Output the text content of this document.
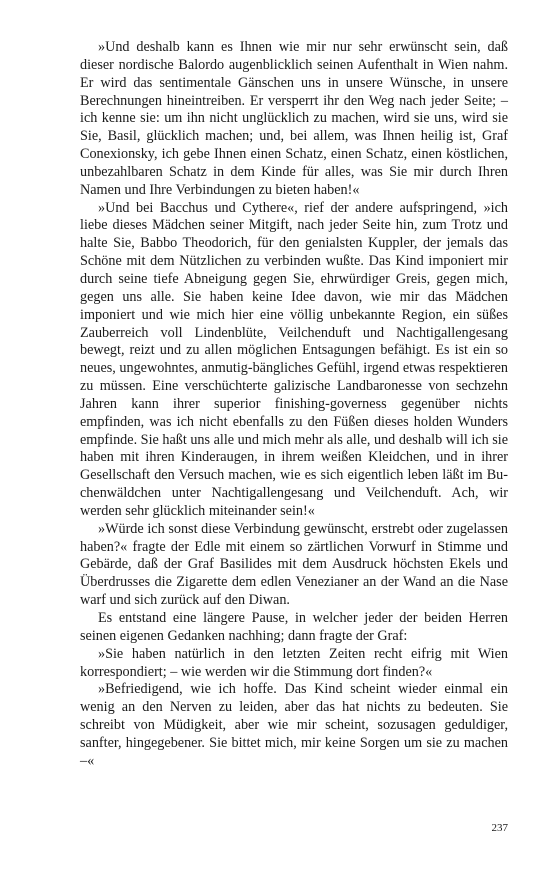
»Und deshalb kann es Ihnen wie mir nur sehr erwünscht sein, daß dieser nordische Balordo augenblicklich seinen Aufenthalt in Wien nahm. Er wird das sentimentale Gänschen uns in unsere Wünsche, in unsere Berechnungen hineintreiben. Er versperrt ihr den Weg nach jeder Seite; – ich kenne sie: um ihn nicht unglücklich zu machen, wird sie uns, wird sie Sie, Basil, glücklich machen; und, bei allem, was Ihnen heilig ist, Graf Conexionsky, ich gebe Ihnen einen Schatz, einen Schatz, einen köstlichen, unbezahlbaren Schatz in dem Kinde für alles, was Sie mir durch Ihren Namen und Ihre Verbindungen zu bieten haben!«

»Und bei Bacchus und Cythere«, rief der andere aufspringend, »ich liebe dieses Mädchen seiner Mitgift, nach jeder Seite hin, zum Trotz und halte Sie, Babbo Theodorich, für den genialsten Kuppler, der jemals das Schöne mit dem Nützlichen zu verbinden wußte. Das Kind imponiert mir durch seine tiefe Abneigung gegen Sie, ehrwürdiger Greis, gegen mich, gegen uns alle. Sie haben keine Idee davon, wie mir das Mädchen imponiert und wie mich hier eine völlig unbekannte Region, ein süßes Zauberreich voll Lindenblüte, Veilchenduft und Nachtigallengesang bewegt, reizt und zu allen möglichen Entsagungen befähigt. Es ist ein so neues, ungewohntes, anmutig-bängliches Gefühl, irgend etwas respektieren zu müssen. Eine verschüchterte galizische Landbaronesse von sechzehn Jahren kann ihrer superior finishing-governess gegenüber nichts empfinden, was ich nicht ebenfalls zu den Füßen dieses holden Wunders empfinde. Sie haßt uns alle und mich mehr als alle, und deshalb will ich sie haben mit ihren Kinderaugen, in ihrem weißen Kleidchen, und in ihrer Gesellschaft den Versuch machen, wie es sich eigentlich leben läßt im Buchenwäldchen unter Nachtigallengesang und Veilchenduft. Ach, wir werden sehr glücklich miteinander sein!«

»Würde ich sonst diese Verbindung gewünscht, erstrebt oder zugelassen haben?« fragte der Edle mit einem so zärtlichen Vorwurf in Stimme und Gebärde, daß der Graf Basilides mit dem Ausdruck höchsten Ekels und Überdrusses die Zigarette dem edlen Venezianer an der Wand an die Nase warf und sich zurück auf den Diwan.

Es entstand eine längere Pause, in welcher jeder der beiden Herren seinen eigenen Gedanken nachhing; dann fragte der Graf:

»Sie haben natürlich in den letzten Zeiten recht eifrig mit Wien korrespondiert; – wie werden wir die Stimmung dort finden?«

»Befriedigend, wie ich hoffe. Das Kind scheint wieder einmal ein wenig an den Nerven zu leiden, aber das hat nichts zu bedeuten. Sie schreibt von Müdigkeit, aber wie mir scheint, sozusagen geduldiger, sanfter, hingegebener. Sie bittet mich, mir keine Sorgen um sie zu machen –«

237
